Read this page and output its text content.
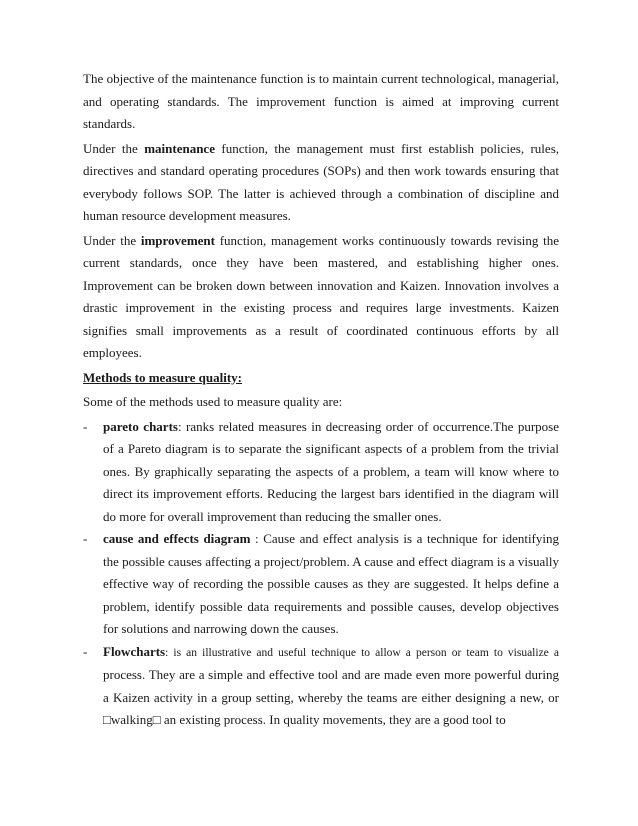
The objective of the maintenance function is to maintain current technological, managerial, and operating standards. The improvement function is aimed at improving current standards.

Under the maintenance function, the management must first establish policies, rules, directives and standard operating procedures (SOPs) and then work towards ensuring that everybody follows SOP. The latter is achieved through a combination of discipline and human resource development measures.

Under the improvement function, management works continuously towards revising the current standards, once they have been mastered, and establishing higher ones. Improvement can be broken down between innovation and Kaizen. Innovation involves a drastic improvement in the existing process and requires large investments. Kaizen signifies small improvements as a result of coordinated continuous efforts by all employees.

Methods to measure quality:

Some of the methods used to measure quality are:

-	pareto charts: ranks related measures in decreasing order of occurrence.The purpose of a Pareto diagram is to separate the significant aspects of a problem from the trivial ones. By graphically separating the aspects of a problem, a team will know where to direct its improvement efforts. Reducing the largest bars identified in the diagram will do more for overall improvement than reducing the smaller ones.
-	cause and effects diagram : Cause and effect analysis is a technique for identifying the possible causes affecting a project/problem. A cause and effect diagram is a visually effective way of recording the possible causes as they are suggested. It helps define a problem, identify possible data requirements and possible causes, develop objectives for solutions and narrowing down the causes.
-	Flowcharts: is an illustrative and useful technique to allow a person or team to visualize a process. They are a simple and effective tool and are made even more powerful during a Kaizen activity in a group setting, whereby the teams are either designing a new, or □walking□ an existing process. In quality movements, they are a good tool to
